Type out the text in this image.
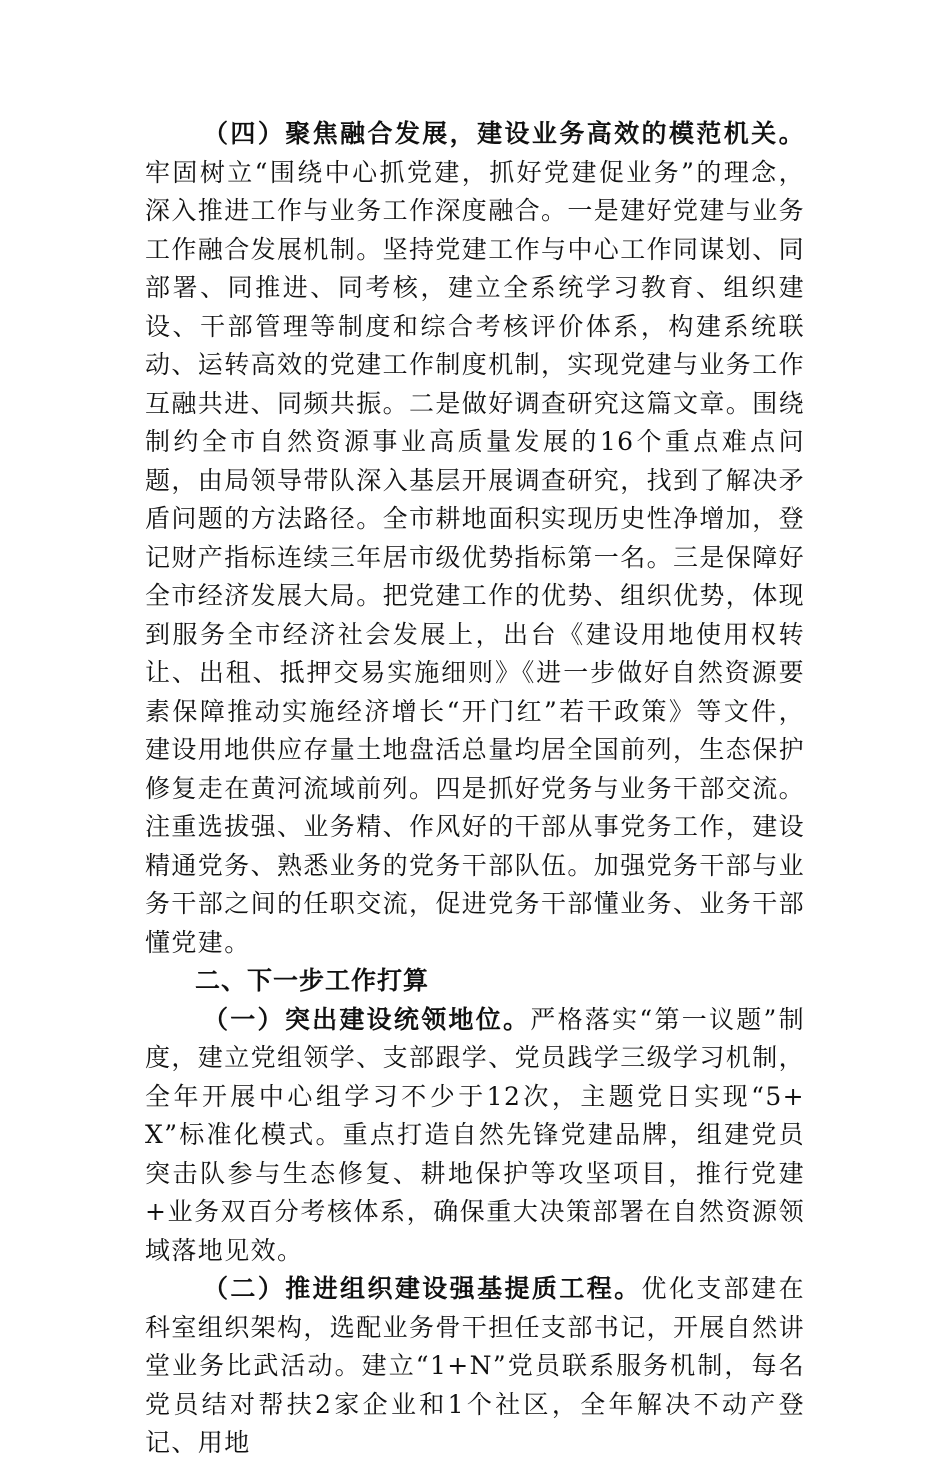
（四）聚焦融合发展，建设业务高效的模范机关。牢固树立“围绕中心抓党建，抓好党建促业务”的理念，深入推进工作与业务工作深度融合。一是建好党建与业务工作融合发展机制。坚持党建工作与中心工作同谋划、同部署、同推进、同考核，建立全系统学习教育、组织建设、干部管理等制度和综合考核评价体系，构建系统联动、运转高效的党建工作制度机制，实现党建与业务工作互融共进、同频共振。二是做好调查研究这篇文章。围绕制约全市自然资源事业高质量发展的16个重点难点问题，由局领导带队深入基层开展调查研究，找到了解决矛盾问题的方法路径。全市耕地面积实现历史性净增加，登记财产指标连续三年居市级优势指标第一名。三是保障好全市经济发展大局。把党建工作的优势、组织优势，体现到服务全市经济社会发展上，出台《建设用地使用权转让、出租、抵押交易实施细则》《进一步做好自然资源要素保障推动实施经济增长“开门红”若干政策》等文件，建设用地供应存量土地盘活总量均居全国前列，生态保护修复走在黄河流域前列。四是抓好党务与业务干部交流。注重选拔强、业务精、作风好的干部从事党务工作，建设精通党务、熟悉业务的党务干部队伍。加强党务干部与业务干部之间的任职交流，促进党务干部懂业务、业务干部懂党建。

二、下一步工作打算

（一）突出建设统领地位。严格落实“第一议题”制度，建立党组领学、支部跟学、党员践学三级学习机制，全年开展中心组学习不少于12次，主题党日实现“5+X”标准化模式。重点打造自然先锋党建品牌，组建党员突击队参与生态修复、耕地保护等攻坚项目，推行党建+业务双百分考核体系，确保重大决策部署在自然资源领域落地见效。

（二）推进组织建设强基提质工程。优化支部建在科室组织架构，选配业务骨干担任支部书记，开展自然讲堂业务比武活动。建立“1+N”党员联系服务机制，每名党员结对帮扶2家企业和1个社区，全年解决不动产登记、用地
